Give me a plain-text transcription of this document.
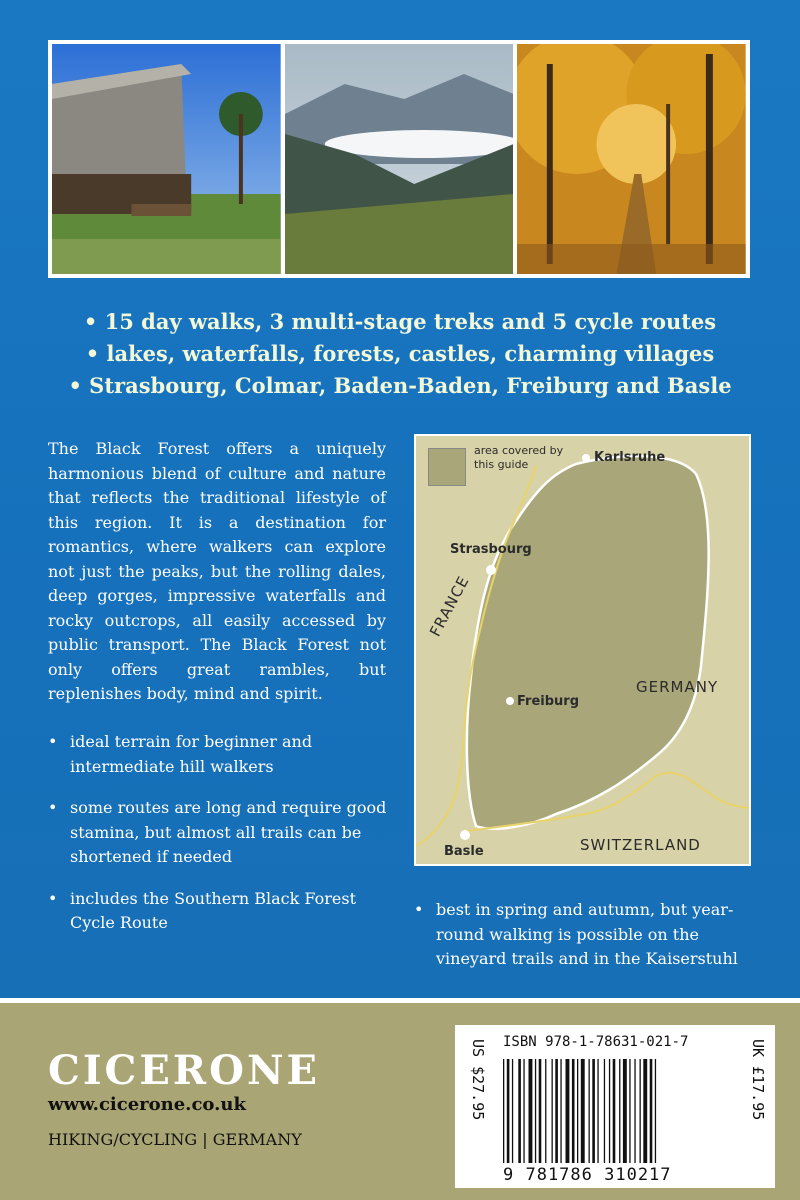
• 15 day walks, 3 multi-stage treks and 5 cycle routes
• lakes, waterfalls, forests, castles, charming villages
• Strasbourg, Colmar, Baden-Baden, Freiburg and Basle
The Black Forest offers a uniquely harmonious blend of culture and nature that reflects the traditional lifestyle of this region. It is a destination for romantics, where walkers can explore not just the peaks, but the rolling dales, deep gorges, impressive waterfalls and rocky outcrops, all easily accessed by public transport. The Black Forest not only offers great rambles, but replenishes body, mind and spirit.
• ideal terrain for beginner and intermediate hill walkers
• some routes are long and require good stamina, but almost all trails can be shortened if needed
• includes the Southern Black Forest Cycle Route
area covered by this guide	Karlsruhe
Strasbourg
Freiburg
Basle
FRANCE
GERMANY
SWITZERLAND
• best in spring and autumn, but year-round walking is possible on the vineyard trails and in the Kaiserstuhl
CICERONE
www.cicerone.co.uk
HIKING/CYCLING | GERMANY
US $27.95 ISBN 978-1-78631-021-7
9 781786 310217
UK £17.95
